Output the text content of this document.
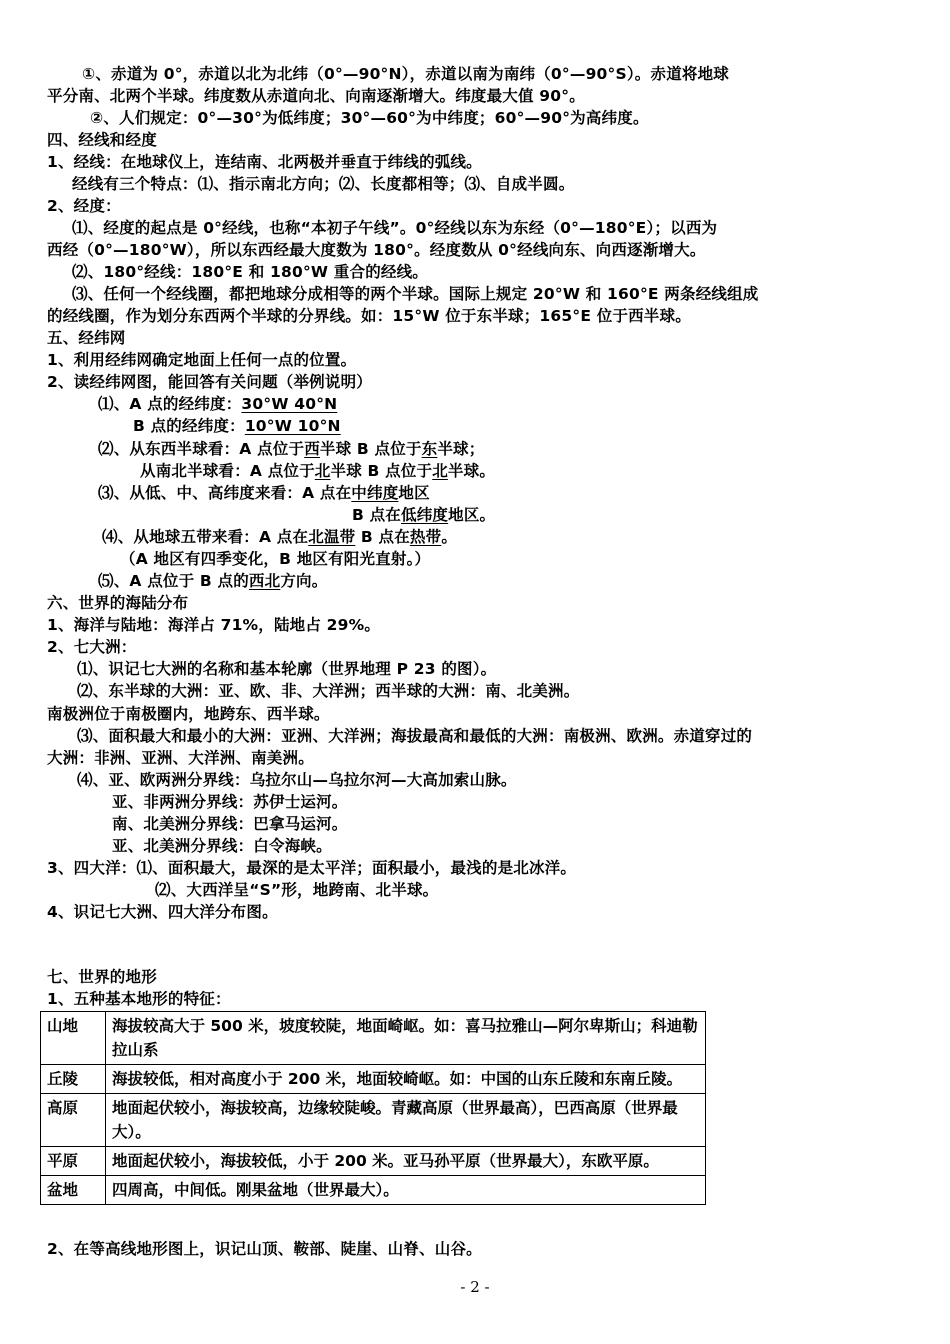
①、赤道为 0°，赤道以北为北纬（0°—90°N），赤道以南为南纬（0°—90°S）。赤道将地球
平分南、北两个半球。纬度数从赤道向北、向南逐渐增大。纬度最大值 90°。
②、人们规定：0°—30°为低纬度；30°—60°为中纬度；60°—90°为高纬度。
四、经线和经度
1、经线：在地球仪上，连结南、北两极并垂直于纬线的弧线。
经线有三个特点：⑴、指示南北方向；⑵、长度都相等；⑶、自成半圆。
2、经度：
⑴、经度的起点是 0°经线，也称“本初子午线”。0°经线以东为东经（0°—180°E）；以西为
西经（0°—180°W），所以东西经最大度数为 180°。经度数从 0°经线向东、向西逐渐增大。
⑵、180°经线：180°E 和 180°W 重合的经线。
⑶、任何一个经线圈，都把地球分成相等的两个半球。国际上规定 20°W 和 160°E 两条经线组成
的经线圈，作为划分东西两个半球的分界线。如：15°W 位于东半球；165°E 位于西半球。
五、经纬网
1、利用经纬网确定地面上任何一点的位置。
2、读经纬网图，能回答有关问题（举例说明）
⑴、A 点的经纬度：30°W 40°N
B 点的经纬度：10°W 10°N
⑵、从东西半球看：A 点位于西半球 B 点位于东半球；
从南北半球看：A 点位于北半球 B 点位于北半球。
⑶、从低、中、高纬度来看：A 点在中纬度地区
B 点在低纬度地区。
⑷、从地球五带来看：A 点在北温带 B 点在热带。
（A 地区有四季变化，B 地区有阳光直射。）
⑸、A 点位于 B 点的西北方向。
六、世界的海陆分布
1、海洋与陆地：海洋占 71%，陆地占 29%。
2、七大洲：
⑴、识记七大洲的名称和基本轮廓（世界地理 P 23 的图）。
⑵、东半球的大洲：亚、欧、非、大洋洲；西半球的大洲：南、北美洲。
南极洲位于南极圈内，地跨东、西半球。
⑶、面积最大和最小的大洲：亚洲、大洋洲；海拔最高和最低的大洲：南极洲、欧洲。赤道穿过的
大洲：非洲、亚洲、大洋洲、南美洲。
⑷、亚、欧两洲分界线：乌拉尔山—乌拉尔河—大高加索山脉。
亚、非两洲分界线：苏伊士运河。
南、北美洲分界线：巴拿马运河。
亚、北美洲分界线：白令海峡。
3、四大洋：⑴、面积最大，最深的是太平洋；面积最小，最浅的是北冰洋。
⑵、大西洋呈“S”形，地跨南、北半球。
4、识记七大洲、四大洋分布图。
七、世界的地形
1、五种基本地形的特征：
山地	海拔较高大于 500 米，坡度较陡，地面崎岖。如：喜马拉雅山—阿尔卑斯山；科迪勒拉山系
丘陵	海拔较低，相对高度小于 200 米，地面较崎岖。如：中国的山东丘陵和东南丘陵。
高原	地面起伏较小，海拔较高，边缘较陡峻。青藏高原（世界最高），巴西高原（世界最大）。
平原	地面起伏较小，海拔较低，小于 200 米。亚马孙平原（世界最大），东欧平原。
盆地	四周高，中间低。刚果盆地（世界最大）。
2、在等高线地形图上，识记山顶、鞍部、陡崖、山脊、山谷。
- 2 -
